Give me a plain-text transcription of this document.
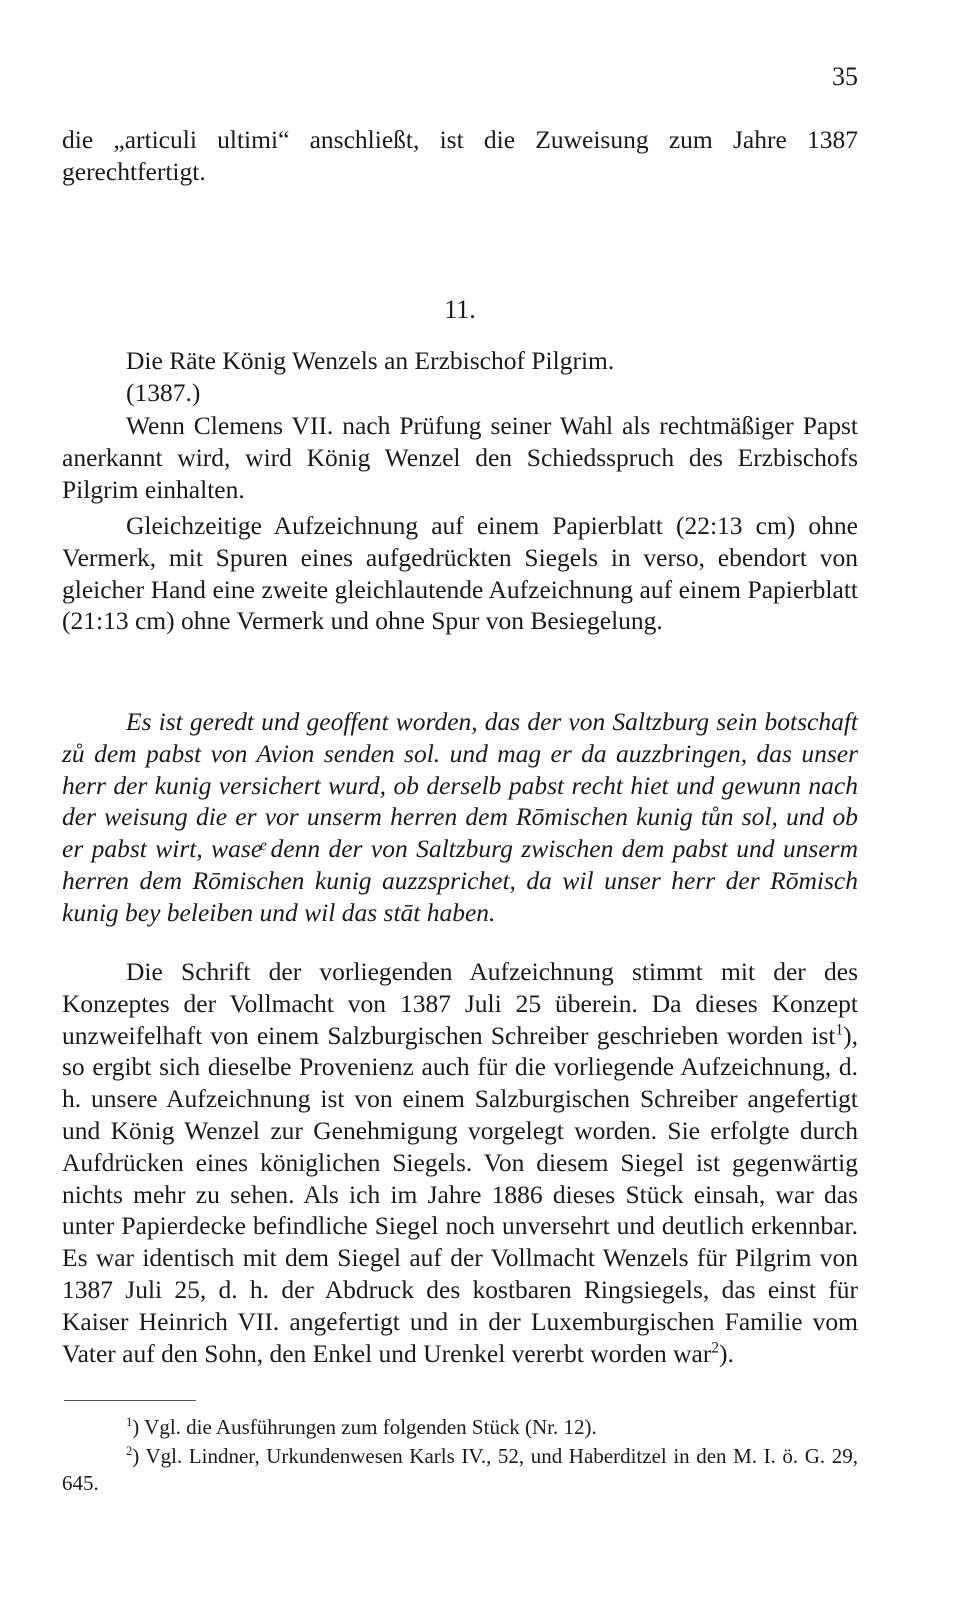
35

die „articuli ultimi“ anschließt, ist die Zuweisung zum Jahre 1387 gerechtfertigt.

11.

Die Räte König Wenzels an Erzbischof Pilgrim.

(1387.)

Wenn Clemens VII. nach Prüfung seiner Wahl als rechtmäßiger Papst anerkannt wird, wird König Wenzel den Schiedsspruch des Erzbischofs Pilgrim einhalten.

Gleichzeitige Aufzeichnung auf einem Papierblatt (22:13 cm) ohne Vermerk, mit Spuren eines aufgedrückten Siegels in verso, ebendort von gleicher Hand eine zweite gleichlautende Aufzeichnung auf einem Papierblatt (21:13 cm) ohne Vermerk und ohne Spur von Besiegelung.

Es ist geredt und geoffent worden, das der von Saltzburg sein botschaft zů dem pabst von Avion senden sol. und mag er da auzzbringen, das unser herr der kunig versichert wurd, ob derselb pabst recht hiet und gewunn nach der weisung die er vor unserm herren dem Rōmischen kunig tůn sol, und ob er pabst wirt, waseͤ denn der von Saltzburg zwischen dem pabst und unserm herren dem Rōmischen kunig auzzsprichet, da wil unser herr der Rōmisch kunig bey beleiben und wil das stāt haben.

Die Schrift der vorliegenden Aufzeichnung stimmt mit der des Konzeptes der Vollmacht von 1387 Juli 25 überein. Da dieses Konzept unzweifelhaft von einem Salzburgischen Schreiber geschrieben worden ist$^1$), so ergibt sich dieselbe Provenienz auch für die vorliegende Aufzeichnung, d. h. unsere Aufzeichnung ist von einem Salzburgischen Schreiber angefertigt und König Wenzel zur Genehmigung vorgelegt worden. Sie erfolgte durch Aufdrücken eines königlichen Siegels. Von diesem Siegel ist gegenwärtig nichts mehr zu sehen. Als ich im Jahre 1886 dieses Stück einsah, war das unter Papierdecke befindliche Siegel noch unversehrt und deutlich erkennbar. Es war identisch mit dem Siegel auf der Vollmacht Wenzels für Pilgrim von 1387 Juli 25, d. h. der Abdruck des kostbaren Ringsiegels, das einst für Kaiser Heinrich VII. angefertigt und in der Luxemburgischen Familie vom Vater auf den Sohn, den Enkel und Urenkel vererbt worden war$^2$).

$^1$) Vgl. die Ausführungen zum folgenden Stück (Nr. 12).

$^2$) Vgl. Lindner, Urkundenwesen Karls IV., 52, und Haberditzel in den M. I. ö. G. 29, 645.
